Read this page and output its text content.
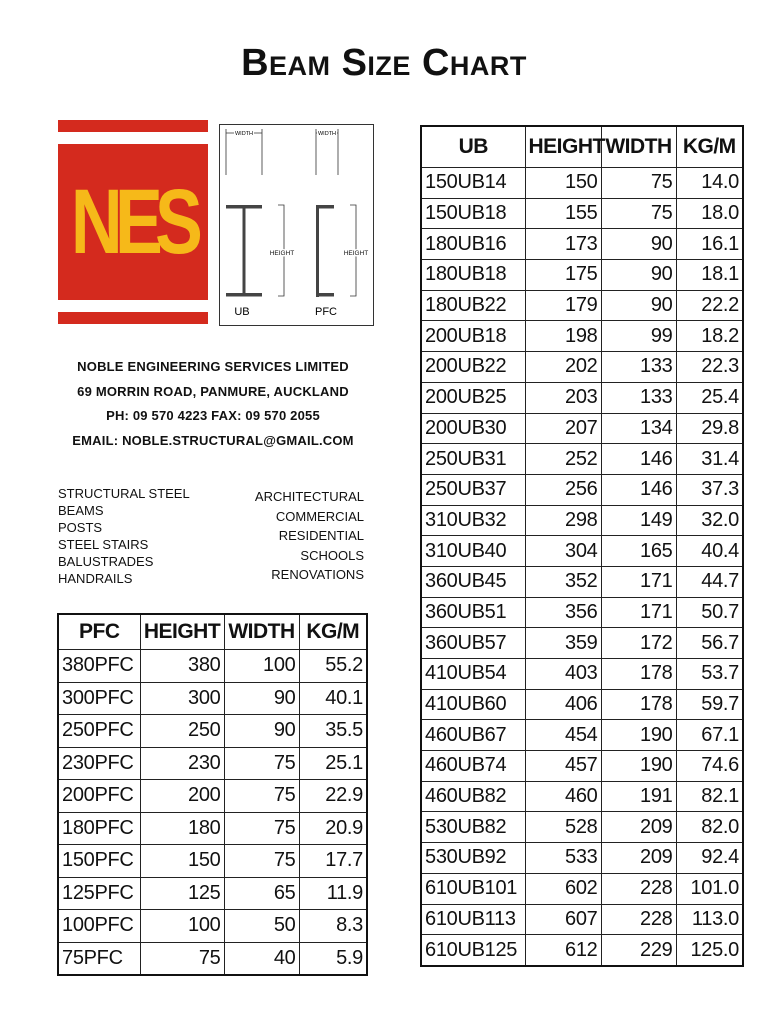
Beam Size Chart
NES
WIDTH	WIDTH
HEIGHT	HEIGHT
UB	PFC
NOBLE ENGINEERING SERVICES LIMITED
69 MORRIN ROAD, PANMURE, AUCKLAND
PH: 09 570 4223 FAX: 09 570 2055
EMAIL: NOBLE.STRUCTURAL@GMAIL.COM
STRUCTURAL STEEL
BEAMS
POSTS
STEEL STAIRS
BALUSTRADES
HANDRAILS
ARCHITECTURAL
COMMERCIAL
RESIDENTIAL
SCHOOLS
RENOVATIONS
PFC	HEIGHT	WIDTH	KG/M
380PFC	380	100	55.2
300PFC	300	90	40.1
250PFC	250	90	35.5
230PFC	230	75	25.1
200PFC	200	75	22.9
180PFC	180	75	20.9
150PFC	150	75	17.7
125PFC	125	65	11.9
100PFC	100	50	8.3
75PFC	75	40	5.9
UB	HEIGHT	WIDTH	KG/M
150UB14	150	75	14.0
150UB18	155	75	18.0
180UB16	173	90	16.1
180UB18	175	90	18.1
180UB22	179	90	22.2
200UB18	198	99	18.2
200UB22	202	133	22.3
200UB25	203	133	25.4
200UB30	207	134	29.8
250UB31	252	146	31.4
250UB37	256	146	37.3
310UB32	298	149	32.0
310UB40	304	165	40.4
360UB45	352	171	44.7
360UB51	356	171	50.7
360UB57	359	172	56.7
410UB54	403	178	53.7
410UB60	406	178	59.7
460UB67	454	190	67.1
460UB74	457	190	74.6
460UB82	460	191	82.1
530UB82	528	209	82.0
530UB92	533	209	92.4
610UB101	602	228	101.0
610UB113	607	228	113.0
610UB125	612	229	125.0
